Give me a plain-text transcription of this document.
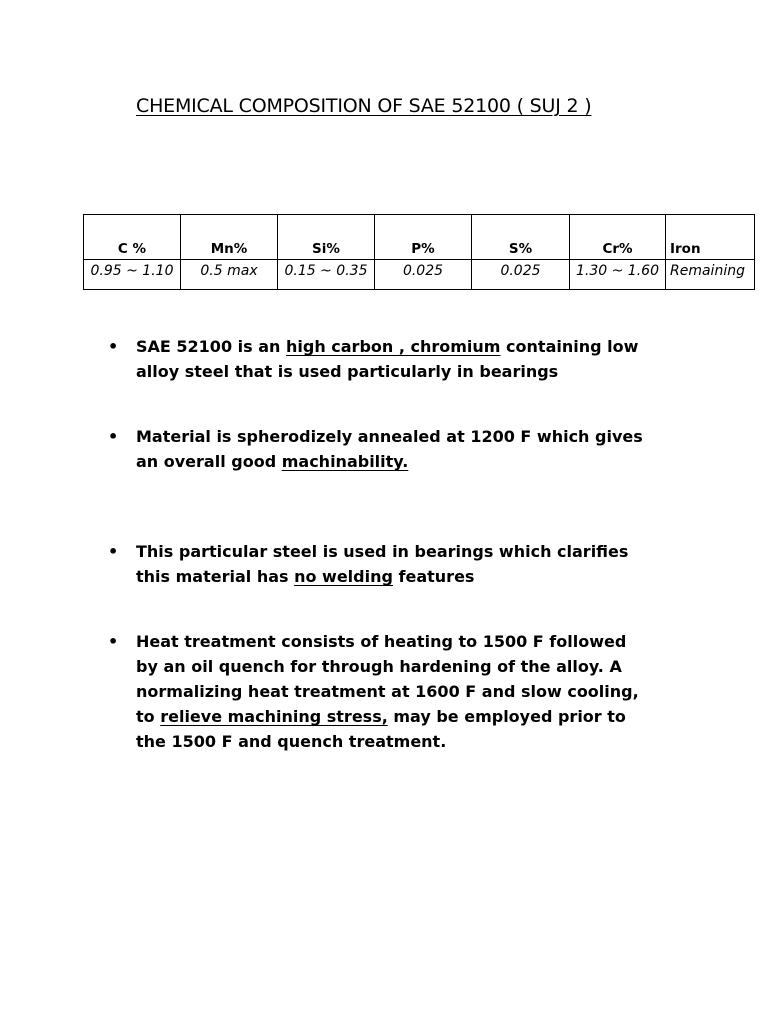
CHEMICAL COMPOSITION OF SAE 52100 ( SUJ 2 )
C %	Mn%	Si%	P%	S%	Cr%	Iron
0.95 ~ 1.10	0.5 max	0.15 ~ 0.35	0.025	0.025	1.30 ~ 1.60	Remaining
•	SAE 52100 is an high carbon , chromium containing low
alloy steel that is used particularly in bearings
•	Material is spherodizely annealed at 1200 F which gives
an overall good machinability.
•	This particular steel is used in bearings which clarifies
this material has no welding features
•	Heat treatment consists of heating to 1500 F followed
by an oil quench for through hardening of the alloy. A
normalizing heat treatment at 1600 F and slow cooling,
to relieve machining stress, may be employed prior to
the 1500 F and quench treatment.
